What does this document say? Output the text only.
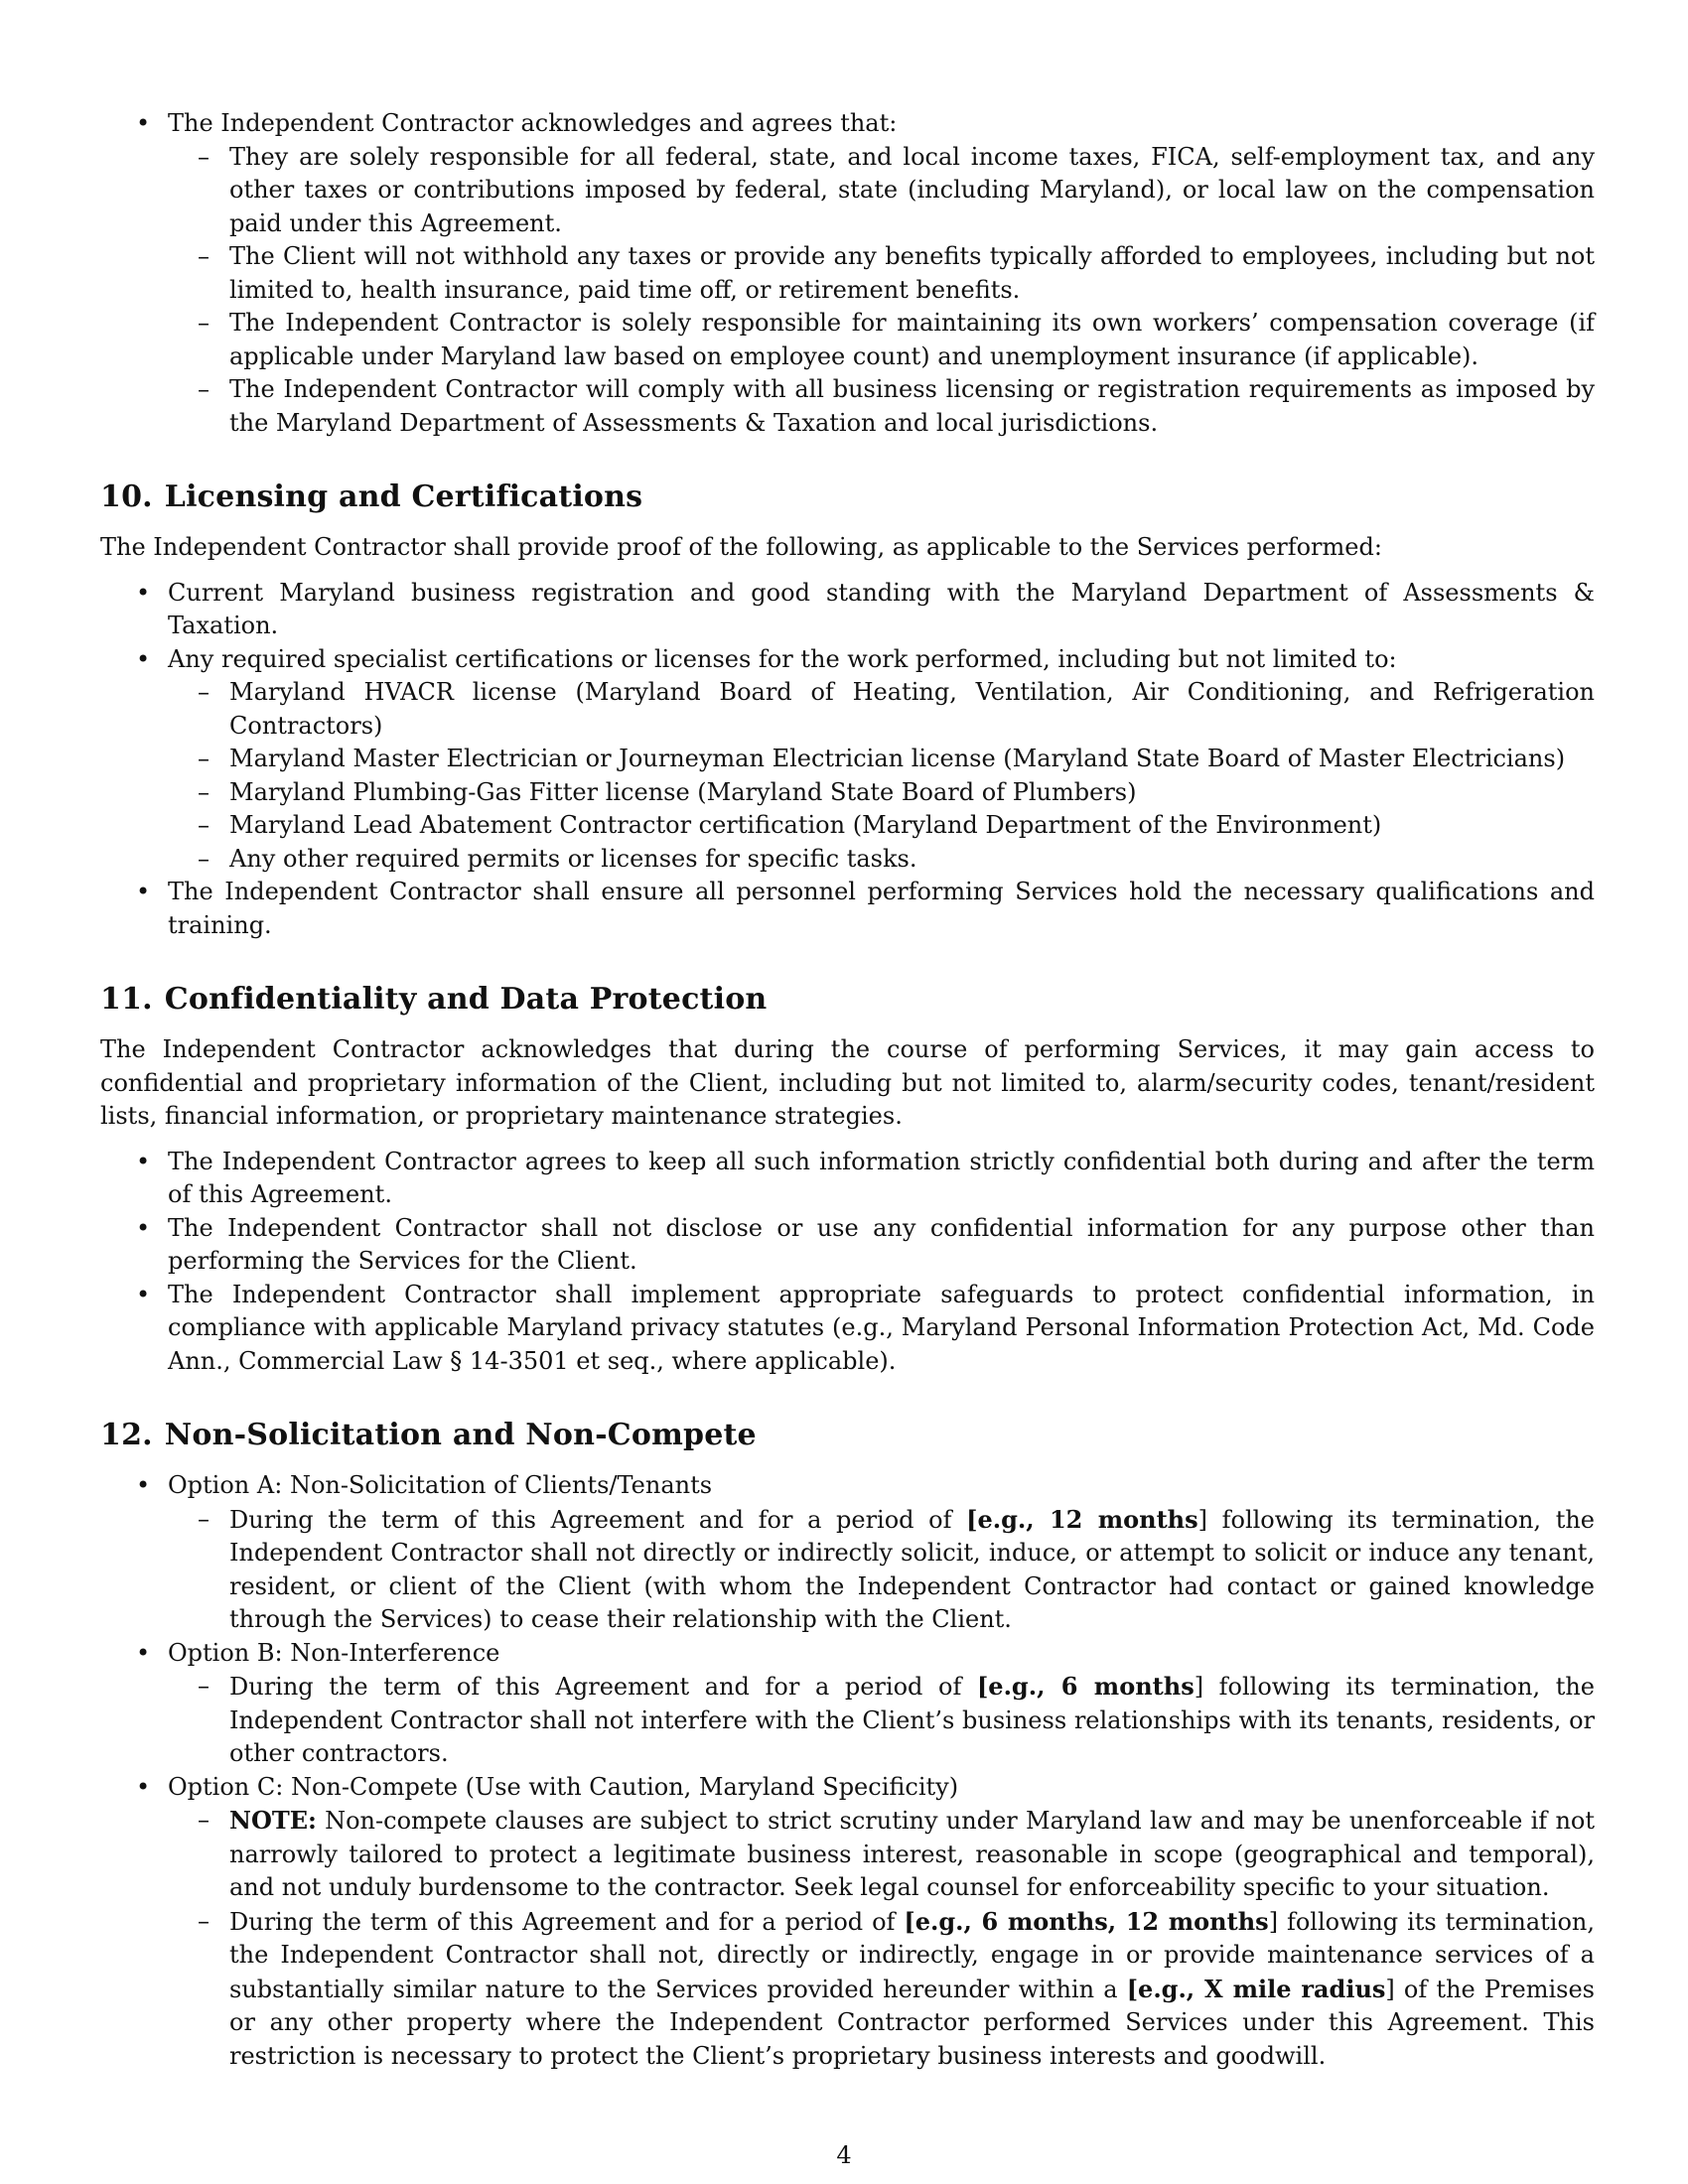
• The Independent Contractor acknowledges and agrees that:
– They are solely responsible for all federal, state, and local income taxes, FICA, self-employment tax, and any other taxes or contributions imposed by federal, state (including Maryland), or local law on the compensation paid under this Agreement.
– The Client will not withhold any taxes or provide any benefits typically afforded to employees, including but not limited to, health insurance, paid time off, or retirement benefits.
– The Independent Contractor is solely responsible for maintaining its own workers’ compensation coverage (if applicable under Maryland law based on employee count) and unemployment insurance (if applicable).
– The Independent Contractor will comply with all business licensing or registration requirements as imposed by the Maryland Department of Assessments & Taxation and local jurisdictions.
10. Licensing and Certifications

The Independent Contractor shall provide proof of the following, as applicable to the Services performed:

• Current Maryland business registration and good standing with the Maryland Department of Assessments & Taxation.
• Any required specialist certifications or licenses for the work performed, including but not limited to:
– Maryland HVACR license (Maryland Board of Heating, Ventilation, Air Conditioning, and Refrigeration Contractors)
– Maryland Master Electrician or Journeyman Electrician license (Maryland State Board of Master Electricians)
– Maryland Plumbing-Gas Fitter license (Maryland State Board of Plumbers)
– Maryland Lead Abatement Contractor certification (Maryland Department of the Environment)
– Any other required permits or licenses for specific tasks.
• The Independent Contractor shall ensure all personnel performing Services hold the necessary qualifications and training.
11. Confidentiality and Data Protection

The Independent Contractor acknowledges that during the course of performing Services, it may gain access to confidential and proprietary information of the Client, including but not limited to, alarm/security codes, tenant/resident lists, financial information, or proprietary maintenance strategies.

• The Independent Contractor agrees to keep all such information strictly confidential both during and after the term of this Agreement.
• The Independent Contractor shall not disclose or use any confidential information for any purpose other than performing the Services for the Client.
• The Independent Contractor shall implement appropriate safeguards to protect confidential information, in compliance with applicable Maryland privacy statutes (e.g., Maryland Personal Information Protection Act, Md. Code Ann., Commercial Law § 14-3501 et seq., where applicable).
12. Non-Solicitation and Non-Compete
• Option A: Non-Solicitation of Clients/Tenants
– During the term of this Agreement and for a period of [e.g., 12 months] following its termination, the Independent Contractor shall not directly or indirectly solicit, induce, or attempt to solicit or induce any tenant, resident, or client of the Client (with whom the Independent Contractor had contact or gained knowledge through the Services) to cease their relationship with the Client.
• Option B: Non-Interference
– During the term of this Agreement and for a period of [e.g., 6 months] following its termination, the Independent Contractor shall not interfere with the Client’s business relationships with its tenants, residents, or other contractors.
• Option C: Non-Compete (Use with Caution, Maryland Specificity)
– NOTE: Non-compete clauses are subject to strict scrutiny under Maryland law and may be unenforceable if not narrowly tailored to protect a legitimate business interest, reasonable in scope (geographical and temporal), and not unduly burdensome to the contractor. Seek legal counsel for enforceability specific to your situation.
– During the term of this Agreement and for a period of [e.g., 6 months, 12 months] following its termination, the Independent Contractor shall not, directly or indirectly, engage in or provide maintenance services of a substantially similar nature to the Services provided hereunder within a [e.g., X mile radius] of the Premises or any other property where the Independent Contractor performed Services under this Agreement. This restriction is necessary to protect the Client’s proprietary business interests and goodwill.
4
